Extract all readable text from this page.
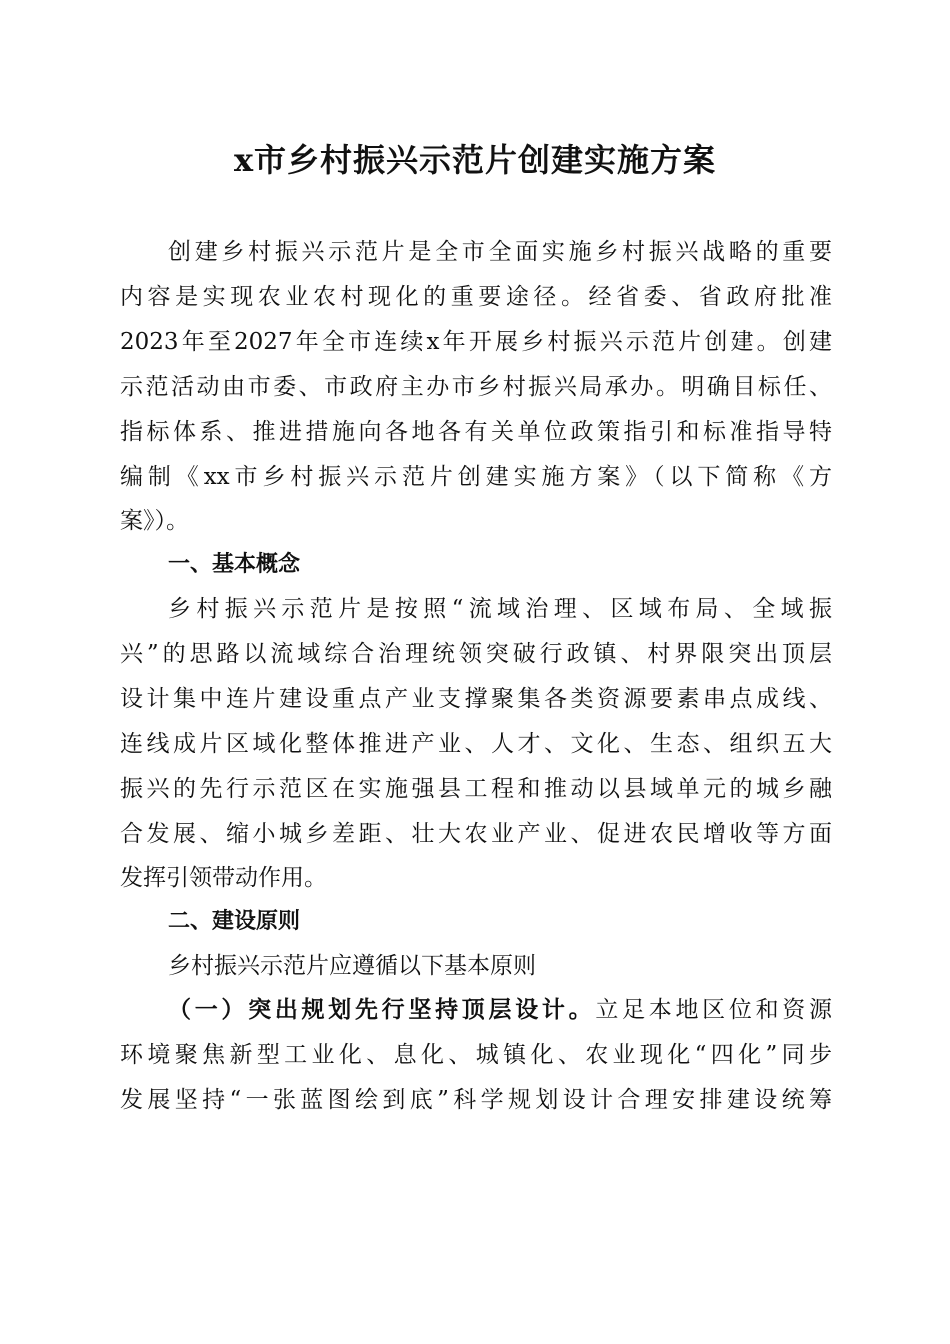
x市乡村振兴示范片创建实施方案
创建乡村振兴示范片是全市全面实施乡村振兴战略的重要
内容是实现农业农村现化的重要途径。经省委、省政府批准
2023年至2027年全市连续x年开展乡村振兴示范片创建。创建
示范活动由市委、市政府主办市乡村振兴局承办。明确目标任、
指标体系、推进措施向各地各有关单位政策指引和标准指导特
编制《xx市乡村振兴示范片创建实施方案》（以下简称《方
案》）。
一、基本概念
乡村振兴示范片是按照“流域治理、区域布局、全域振
兴”的思路以流域综合治理统领突破行政镇、村界限突出顶层
设计集中连片建设重点产业支撑聚集各类资源要素串点成线、
连线成片区域化整体推进产业、人才、文化、生态、组织五大
振兴的先行示范区在实施强县工程和推动以县域单元的城乡融
合发展、缩小城乡差距、壮大农业产业、促进农民增收等方面
发挥引领带动作用。
二、建设原则
乡村振兴示范片应遵循以下基本原则
（一）突出规划先行坚持顶层设计。立足本地区位和资源
环境聚焦新型工业化、息化、城镇化、农业现化“四化”同步
发展坚持“一张蓝图绘到底”科学规划设计合理安排建设统筹
